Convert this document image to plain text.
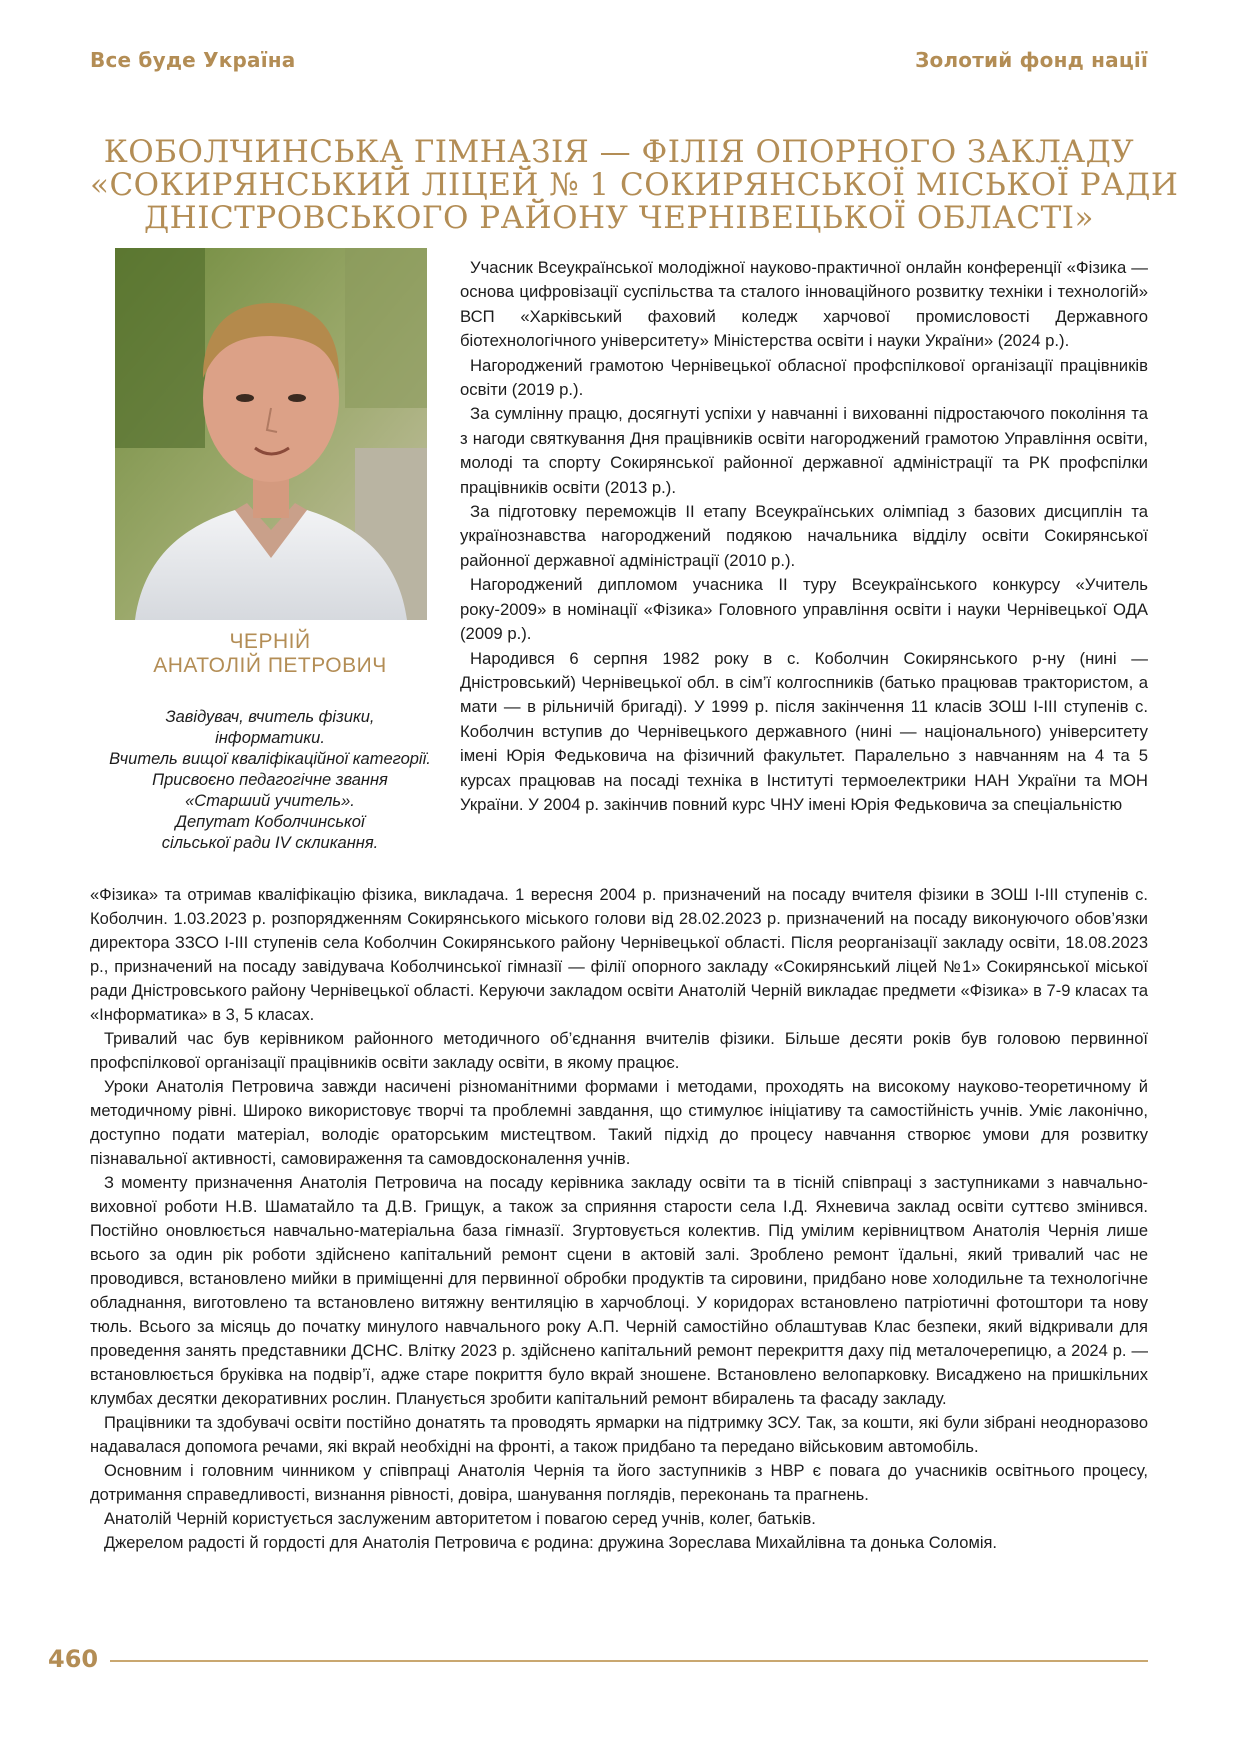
Все буде Україна	Золотий фонд нації
КОБОЛЧИНСЬКА ГІМНАЗІЯ — ФІЛІЯ ОПОРНОГО ЗАКЛАДУ
«СОКИРЯНСЬКИЙ ЛІЦЕЙ № 1 СОКИРЯНСЬКОЇ МІСЬКОЇ РАДИ
ДНІСТРОВСЬКОГО РАЙОНУ ЧЕРНІВЕЦЬКОЇ ОБЛАСТІ»
ЧЕРНІЙ
АНАТОЛІЙ ПЕТРОВИЧ
Завідувач, вчитель фізики,
інформатики.
Вчитель вищої кваліфікаційної категорії.
Присвоєно педагогічне звання
«Старший учитель».
Депутат Коболчинської
сільської ради IV скликання.

Учасник Всеукраїнської молодіжної науково-практичної онлайн конференції «Фізика — основа цифровізації суспільства та сталого інноваційного розвитку техніки і технологій» ВСП «Харківський фаховий коледж харчової промисловості Державного біотехнологічного університету» Міністерства освіти і науки України» (2024 р.).

Нагороджений грамотою Чернівецької обласної профспілкової організації працівників освіти (2019 р.).

За сумлінну працю, досягнуті успіхи у навчанні і вихованні підростаючого покоління та з нагоди святкування Дня працівників освіти нагороджений грамотою Управління освіти, молоді та спорту Сокирянської районної державної адміністрації та РК профспілки працівників освіти (2013 р.).

За підготовку переможців ІІ етапу Всеукраїнських олімпіад з базових дисциплін та українознавства нагороджений подякою начальника відділу освіти Сокирянської районної державної адміністрації (2010 р.).

Нагороджений дипломом учасника ІІ туру Всеукраїнського конкурсу «Учитель року-2009» в номінації «Фізика» Головного управління освіти і науки Чернівецької ОДА (2009 р.).

Народився 6 серпня 1982 року в с. Коболчин Сокирянського р-ну (нині — Дністровський) Чернівецької обл. в сім’ї колгоспників (батько працював трактористом, а мати — в рільничій бригаді). У 1999 р. після закінчення 11 класів ЗОШ І-ІІІ ступенів с. Коболчин вступив до Чернівецького державного (нині — національного) університету імені Юрія Федьковича на фізичний факультет. Паралельно з навчанням на 4 та 5 курсах працював на посаді техніка в Інституті термоелектрики НАН України та МОН України. У 2004 р. закінчив повний курс ЧНУ імені Юрія Федьковича за спеціальністю

«Фізика» та отримав кваліфікацію фізика, викладача. 1 вересня 2004 р. призначений на посаду вчителя фізики в ЗОШ І-ІІІ ступенів с. Коболчин. 1.03.2023 р. розпорядженням Сокирянського міського голови від 28.02.2023 р. призначений на посаду виконуючого обов’язки директора ЗЗСО І-ІІІ ступенів села Коболчин Сокирянського району Чернівецької області. Після реорганізації закладу освіти, 18.08.2023 р., призначений на посаду завідувача Коболчинської гімназії — філії опорного закладу «Сокирянський ліцей №1» Сокирянської міської ради Дністровського району Чернівецької області. Керуючи закладом освіти Анатолій Черній викладає предмети «Фізика» в 7-9 класах та «Інформатика» в 3, 5 класах.

Тривалий час був керівником районного методичного об’єднання вчителів фізики. Більше десяти років був головою первинної профспілкової організації працівників освіти закладу освіти, в якому працює.

Уроки Анатолія Петровича завжди насичені різноманітними формами і методами, проходять на високому науково-теоретичному й методичному рівні. Широко використовує творчі та проблемні завдання, що стимулює ініціативу та самостійність учнів. Уміє лаконічно, доступно подати матеріал, володіє ораторським мистецтвом. Такий підхід до процесу навчання створює умови для розвитку пізнавальної активності, самовираження та самовдосконалення учнів.

З моменту призначення Анатолія Петровича на посаду керівника закладу освіти та в тісній співпраці з заступниками з навчально-виховної роботи Н.В. Шаматайло та Д.В. Грищук, а також за сприяння старости села І.Д. Яхневича заклад освіти суттєво змінився. Постійно оновлюється навчально-матеріальна база гімназії. Згуртовується колектив. Під умілим керівництвом Анатолія Чернія лише всього за один рік роботи здійснено капітальний ремонт сцени в актовій залі. Зроблено ремонт їдальні, який тривалий час не проводився, встановлено мийки в приміщенні для первинної обробки продуктів та сировини, придбано нове холодильне та технологічне обладнання, виготовлено та встановлено витяжну вентиляцію в харчоблоці. У коридорах встановлено патріотичні фотоштори та нову тюль. Всього за місяць до початку минулого навчального року А.П. Черній самостійно облаштував Клас безпеки, який відкривали для проведення занять представники ДСНС. Влітку 2023 р. здійснено капітальний ремонт перекриття даху під металочерепицю, а 2024 р. — встановлюється бруківка на подвір’ї, адже старе покриття було вкрай зношене. Встановлено велопарковку. Висаджено на пришкільних клумбах десятки декоративних рослин. Планується зробити капітальний ремонт вбиралень та фасаду закладу.

Працівники та здобувачі освіти постійно донатять та проводять ярмарки на підтримку ЗСУ. Так, за кошти, які були зібрані неодноразово надавалася допомога речами, які вкрай необхідні на фронті, а також придбано та передано військовим автомобіль.

Основним і головним чинником у співпраці Анатолія Чернія та його заступників з НВР є повага до учасників освітнього процесу, дотримання справедливості, визнання рівності, довіра, шанування поглядів, переконань та прагнень.

Анатолій Черній користується заслуженим авторитетом і повагою серед учнів, колег, батьків.

Джерелом радості й гордості для Анатолія Петровича є родина: дружина Зореслава Михайлівна та донька Соломія.

460
